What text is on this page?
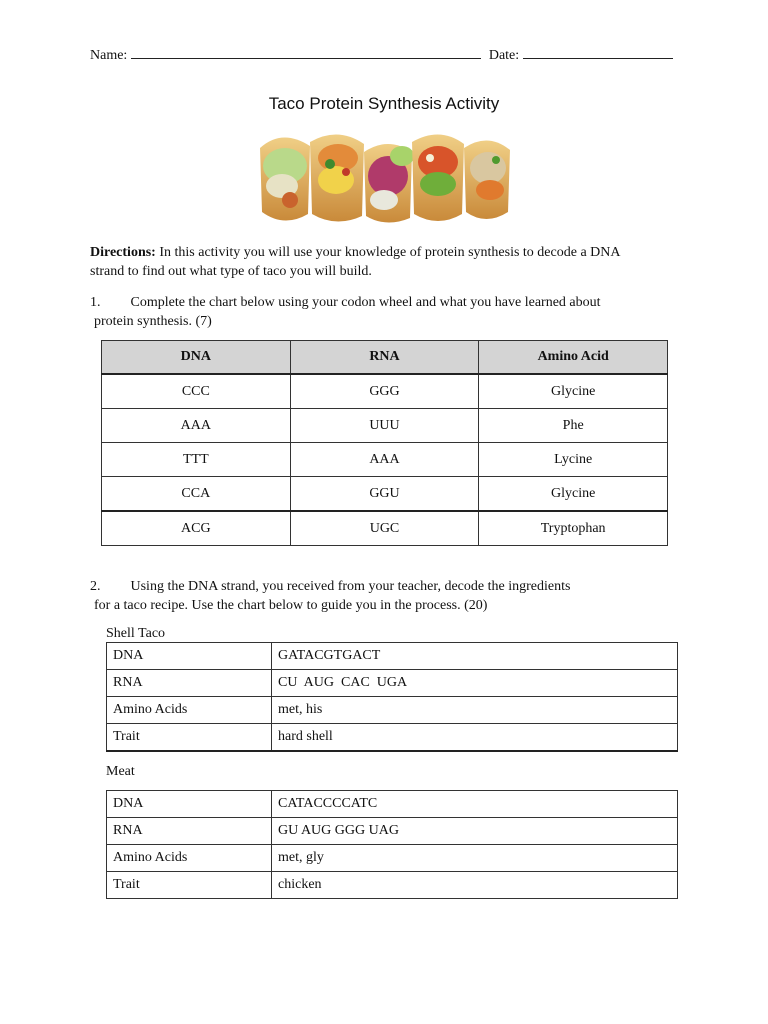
Name:	Date:
Taco Protein Synthesis Activity
Directions: In this activity you will use your knowledge of protein synthesis to decode a DNA
strand to find out what type of taco you will build.
1. Complete the chart below using your codon wheel and what you have learned about
protein synthesis. (7)
DNA	RNA	Amino Acid
CCC	GGG	Glycine
AAA	UUU	Phe
TTT	AAA	Lycine
CCA	GGU	Glycine
ACG	UGC	Tryptophan
2. Using the DNA strand, you received from your teacher, decode the ingredients
for a taco recipe. Use the chart below to guide you in the process. (20)
Shell Taco
DNA	GATACGTGACT
RNA	CU  AUG  CAC  UGA
Amino Acids	met, his
Trait	hard shell
Meat
DNA	CATACCCCATC
RNA	GU AUG GGG UAG
Amino Acids	met, gly
Trait	chicken
